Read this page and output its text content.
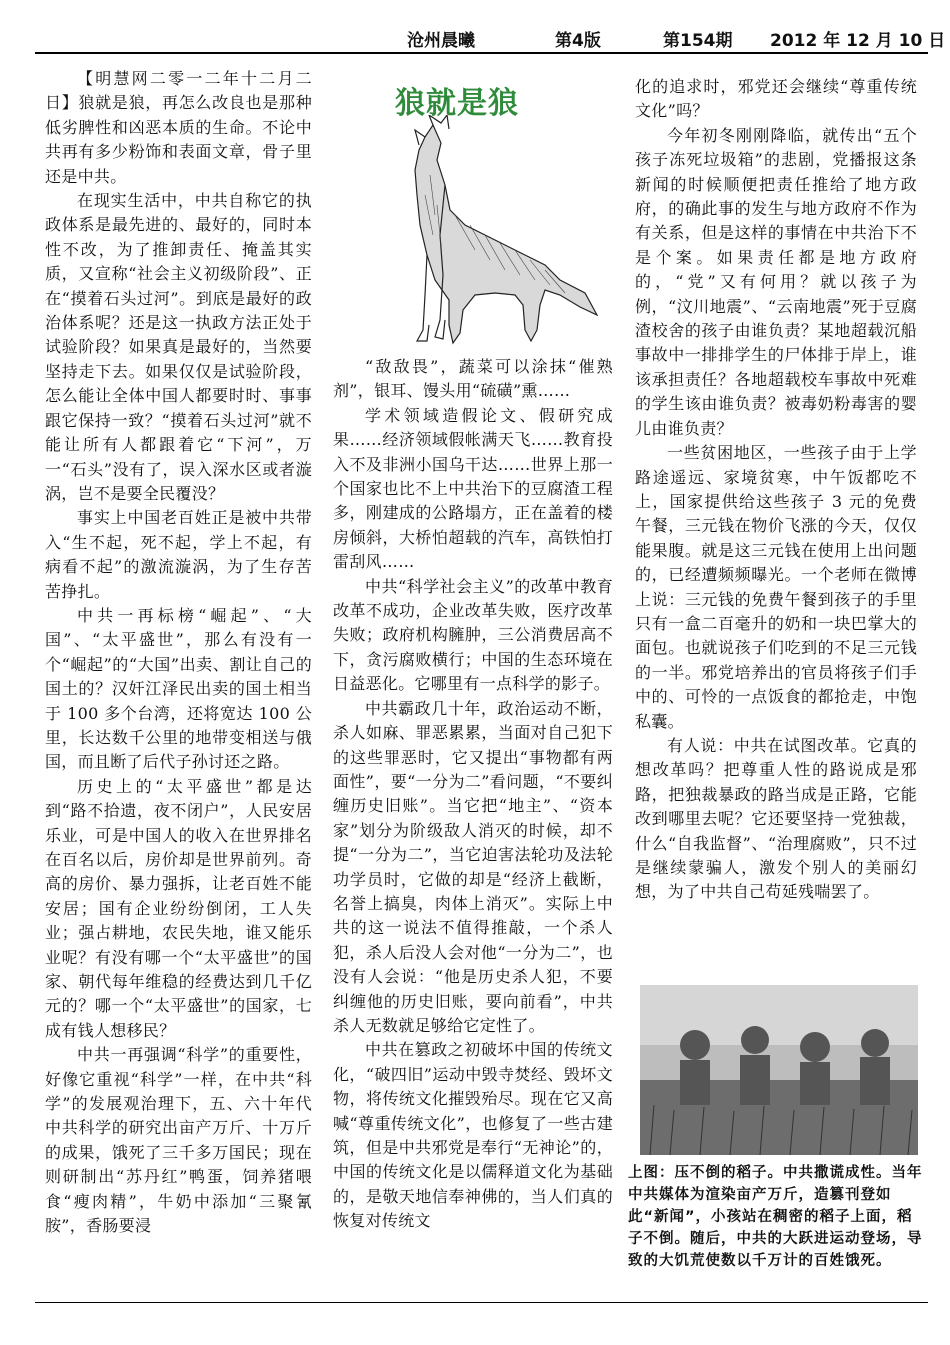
沧州晨曦	第4版	第154期 2012 年 12 月 10 日

【明慧网二零一二年十二月二日】狼就是狼，再怎么改良也是那种低劣脾性和凶恶本质的生命。不论中共再有多少粉饰和表面文章，骨子里还是中共。

在现实生活中，中共自称它的执政体系是最先进的、最好的，同时本性不改，为了推卸责任、掩盖其实质，又宣称“社会主义初级阶段”、正在“摸着石头过河”。到底是最好的政治体系呢？还是这一执政方法正处于试验阶段？如果真是最好的，当然要坚持走下去。如果仅仅是试验阶段，怎么能让全体中国人都要时时、事事跟它保持一致？“摸着石头过河”就不能让所有人都跟着它“下河”，万一“石头”没有了，误入深水区或者漩涡，岂不是要全民覆没？

事实上中国老百姓正是被中共带入“生不起，死不起，学上不起，有病看不起”的激流漩涡，为了生存苦苦挣扎。

中共一再标榜“崛起”、“大国”、“太平盛世”，那么有没有一个“崛起”的“大国”出卖、割让自己的国土的？汉奸江泽民出卖的国土相当于 100 多个台湾，还将宽达 100 公里，长达数千公里的地带变相送与俄国，而且断了后代子孙讨还之路。

历史上的“太平盛世”都是达到“路不拾遗，夜不闭户”，人民安居乐业，可是中国人的收入在世界排名在百名以后，房价却是世界前列。奇高的房价、暴力强拆，让老百姓不能安居；国有企业纷纷倒闭，工人失业；强占耕地，农民失地，谁又能乐业呢？有没有哪一个“太平盛世”的国家、朝代每年维稳的经费达到几千亿元的？哪一个“太平盛世”的国家，七成有钱人想移民？

中共一再强调“科学”的重要性，好像它重视“科学”一样，在中共“科学”的发展观治理下，五、六十年代中共科学的研究出亩产万斤、十万斤的成果，饿死了三千多万国民；现在则研制出“苏丹红”鸭蛋，饲养猪喂食“瘦肉精”，牛奶中添加“三聚氰胺”，香肠要浸

狼就是狼

“敌敌畏”，蔬菜可以涂抹“催熟剂”，银耳、馒头用“硫磺”熏……

学术领域造假论文、假研究成果……经济领域假帐满天飞……教育投入不及非洲小国乌干达……世界上那一个国家也比不上中共治下的豆腐渣工程多，刚建成的公路塌方，正在盖着的楼房倾斜，大桥怕超载的汽车，高铁怕打雷刮风……

中共“科学社会主义”的改革中教育改革不成功，企业改革失败，医疗改革失败；政府机构臃肿，三公消费居高不下，贪污腐败横行；中国的生态环境在日益恶化。它哪里有一点科学的影子。

中共霸政几十年，政治运动不断，杀人如麻、罪恶累累，当面对自己犯下的这些罪恶时，它又提出“事物都有两面性”，要“一分为二”看问题，“不要纠缠历史旧账”。当它把“地主”、“资本家”划分为阶级敌人消灭的时候，却不提“一分为二”，当它迫害法轮功及法轮功学员时，它做的却是“经济上截断，名誉上搞臭，肉体上消灭”。实际上中共的这一说法不值得推敲，一个杀人犯，杀人后没人会对他“一分为二”，也没有人会说：“他是历史杀人犯，不要纠缠他的历史旧账，要向前看”，中共杀人无数就足够给它定性了。

中共在篡政之初破坏中国的传统文化，“破四旧”运动中毁寺焚经、毁坏文物，将传统文化摧毁殆尽。现在它又高喊“尊重传统文化”，也修复了一些古建筑，但是中共邪党是奉行“无神论”的，中国的传统文化是以儒释道文化为基础的，是敬天地信奉神佛的，当人们真的恢复对传统文

化的追求时，邪党还会继续“尊重传统文化”吗？

今年初冬刚刚降临，就传出“五个孩子冻死垃圾箱”的悲剧，党播报这条新闻的时候顺便把责任推给了地方政府，的确此事的发生与地方政府不作为有关系，但是这样的事情在中共治下不是个案。如果责任都是地方政府的，“党”又有何用？就以孩子为例，“汶川地震”、“云南地震”死于豆腐渣校舍的孩子由谁负责？某地超载沉船事故中一排排学生的尸体排于岸上，谁该承担责任？各地超载校车事故中死难的学生该由谁负责？被毒奶粉毒害的婴儿由谁负责？

一些贫困地区，一些孩子由于上学路途遥远、家境贫寒，中午饭都吃不上，国家提供给这些孩子 3 元的免费午餐，三元钱在物价飞涨的今天，仅仅能果腹。就是这三元钱在使用上出问题的，已经遭频频曝光。一个老师在微博上说：三元钱的免费午餐到孩子的手里只有一盒二百毫升的奶和一块巴掌大的面包。也就说孩子们吃到的不足三元钱的一半。邪党培养出的官员将孩子们手中的、可怜的一点饭食的都抢走，中饱私囊。

有人说：中共在试图改革。它真的想改革吗？把尊重人性的路说成是邪路，把独裁暴政的路当成是正路，它能改到哪里去呢？它还要坚持一党独裁，什么“自我监督”、“治理腐败”，只不过是继续蒙骗人，激发个别人的美丽幻想，为了中共自己苟延残喘罢了。

上图：压不倒的稻子。中共撒谎成性。当年中共媒体为渲染亩产万斤，造篡刊登如此“新闻”，小孩站在稠密的稻子上面，稻子不倒。随后，中共的大跃进运动登场，导致的大饥荒使数以千万计的百姓饿死。
